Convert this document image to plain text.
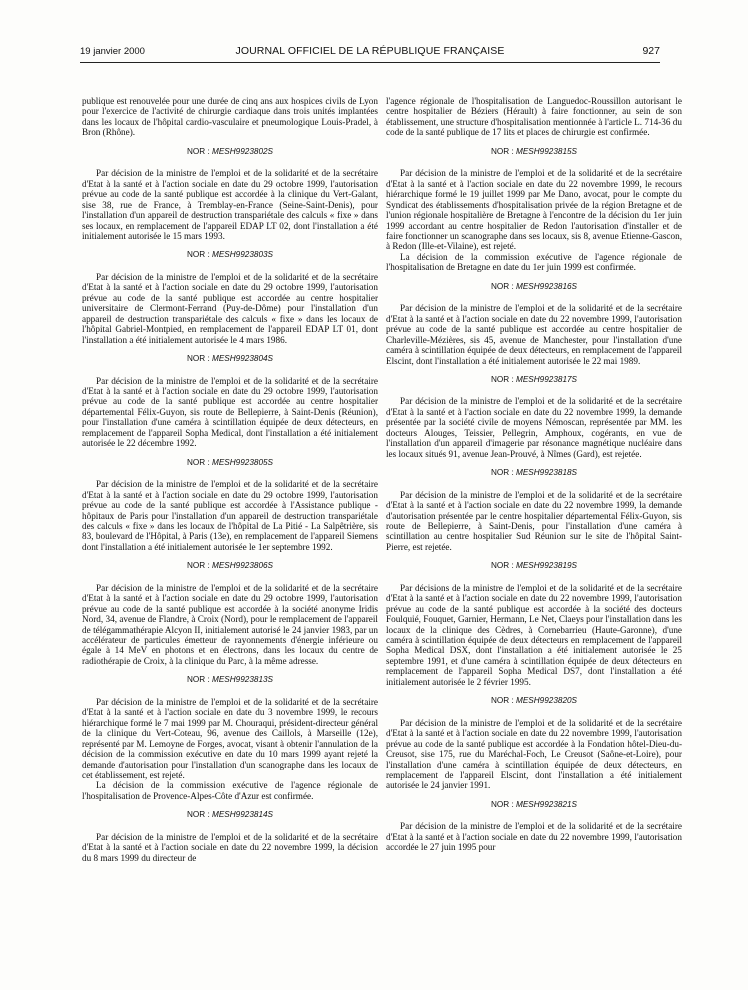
19 janvier 2000	JOURNAL OFFICIEL DE LA RÉPUBLIQUE FRANÇAISE	927

publique est renouvelée pour une durée de cinq ans aux hospices civils de Lyon pour l'exercice de l'activité de chirurgie cardiaque dans trois unités implantées dans les locaux de l'hôpital cardio-vasculaire et pneumologique Louis-Pradel, à Bron (Rhône).

NOR : MESH9923802S

Par décision de la ministre de l'emploi et de la solidarité et de la secrétaire d'Etat à la santé et à l'action sociale en date du 29 octobre 1999, l'autorisation prévue au code de la santé publique est accordée à la clinique du Vert-Galant, sise 38, rue de France, à Tremblay-en-France (Seine-Saint-Denis), pour l'installation d'un appareil de destruction transpariétale des calculs « fixe » dans ses locaux, en remplacement de l'appareil EDAP LT 02, dont l'installation a été initialement autorisée le 15 mars 1993.

NOR : MESH9923803S

Par décision de la ministre de l'emploi et de la solidarité et de la secrétaire d'Etat à la santé et à l'action sociale en date du 29 octobre 1999, l'autorisation prévue au code de la santé publique est accordée au centre hospitalier universitaire de Clermont-Ferrand (Puy-de-Dôme) pour l'installation d'un appareil de destruction transpariétale des calculs « fixe » dans les locaux de l'hôpital Gabriel-Montpied, en remplacement de l'appareil EDAP LT 01, dont l'installation a été initialement autorisée le 4 mars 1986.

NOR : MESH9923804S

Par décision de la ministre de l'emploi et de la solidarité et de la secrétaire d'Etat à la santé et à l'action sociale en date du 29 octobre 1999, l'autorisation prévue au code de la santé publique est accordée au centre hospitalier départemental Félix-Guyon, sis route de Bellepierre, à Saint-Denis (Réunion), pour l'installation d'une caméra à scintillation équipée de deux détecteurs, en remplacement de l'appareil Sopha Medical, dont l'installation a été initialement autorisée le 22 décembre 1992.

NOR : MESH9923805S

Par décision de la ministre de l'emploi et de la solidarité et de la secrétaire d'Etat à la santé et à l'action sociale en date du 29 octobre 1999, l'autorisation prévue au code de la santé publique est accordée à l'Assistance publique - hôpitaux de Paris pour l'installation d'un appareil de destruction transpariétale des calculs « fixe » dans les locaux de l'hôpital de La Pitié - La Salpêtrière, sis 83, boulevard de l'Hôpital, à Paris (13e), en remplacement de l'appareil Siemens dont l'installation a été initialement autorisée le 1er septembre 1992.

NOR : MESH9923806S

Par décision de la ministre de l'emploi et de la solidarité et de la secrétaire d'Etat à la santé et à l'action sociale en date du 29 octobre 1999, l'autorisation prévue au code de la santé publique est accordée à la société anonyme Iridis Nord, 34, avenue de Flandre, à Croix (Nord), pour le remplacement de l'appareil de télégammathérapie Alcyon II, initialement autorisé le 24 janvier 1983, par un accélérateur de particules émetteur de rayonnements d'énergie inférieure ou égale à 14 MeV en photons et en électrons, dans les locaux du centre de radiothérapie de Croix, à la clinique du Parc, à la même adresse.

NOR : MESH9923813S

Par décision de la ministre de l'emploi et de la solidarité et de la secrétaire d'Etat à la santé et à l'action sociale en date du 3 novembre 1999, le recours hiérarchique formé le 7 mai 1999 par M. Chouraqui, président-directeur général de la clinique du Vert-Coteau, 96, avenue des Caillols, à Marseille (12e), représenté par M. Lemoyne de Forges, avocat, visant à obtenir l'annulation de la décision de la commission exécutive en date du 10 mars 1999 ayant rejeté la demande d'autorisation pour l'installation d'un scanographe dans les locaux de cet établissement, est rejeté.

La décision de la commission exécutive de l'agence régionale de l'hospitalisation de Provence-Alpes-Côte d'Azur est confirmée.

NOR : MESH9923814S

Par décision de la ministre de l'emploi et de la solidarité et de la secrétaire d'Etat à la santé et à l'action sociale en date du 22 novembre 1999, la décision du 8 mars 1999 du directeur de

l'agence régionale de l'hospitalisation de Languedoc-Roussillon autorisant le centre hospitalier de Béziers (Hérault) à faire fonctionner, au sein de son établissement, une structure d'hospitalisation mentionnée à l'article L. 714-36 du code de la santé publique de 17 lits et places de chirurgie est confirmée.

NOR : MESH9923815S

Par décision de la ministre de l'emploi et de la solidarité et de la secrétaire d'Etat à la santé et à l'action sociale en date du 22 novembre 1999, le recours hiérarchique formé le 19 juillet 1999 par Me Dano, avocat, pour le compte du Syndicat des établissements d'hospitalisation privée de la région Bretagne et de l'union régionale hospitalière de Bretagne à l'encontre de la décision du 1er juin 1999 accordant au centre hospitalier de Redon l'autorisation d'installer et de faire fonctionner un scanographe dans ses locaux, sis 8, avenue Etienne-Gascon, à Redon (Ille-et-Vilaine), est rejeté.

La décision de la commission exécutive de l'agence régionale de l'hospitalisation de Bretagne en date du 1er juin 1999 est confirmée.

NOR : MESH9923816S

Par décision de la ministre de l'emploi et de la solidarité et de la secrétaire d'Etat à la santé et à l'action sociale en date du 22 novembre 1999, l'autorisation prévue au code de la santé publique est accordée au centre hospitalier de Charleville-Mézières, sis 45, avenue de Manchester, pour l'installation d'une caméra à scintillation équipée de deux détecteurs, en remplacement de l'appareil Elscint, dont l'installation a été initialement autorisée le 22 mai 1989.

NOR : MESH9923817S

Par décision de la ministre de l'emploi et de la solidarité et de la secrétaire d'Etat à la santé et à l'action sociale en date du 22 novembre 1999, la demande présentée par la société civile de moyens Némoscan, représentée par MM. les docteurs Alouges, Teissier, Pellegrin, Amphoux, cogérants, en vue de l'installation d'un appareil d'imagerie par résonance magnétique nucléaire dans les locaux situés 91, avenue Jean-Prouvé, à Nîmes (Gard), est rejetée.

NOR : MESH9923818S

Par décision de la ministre de l'emploi et de la solidarité et de la secrétaire d'Etat à la santé et à l'action sociale en date du 22 novembre 1999, la demande d'autorisation présentée par le centre hospitalier départemental Félix-Guyon, sis route de Bellepierre, à Saint-Denis, pour l'installation d'une caméra à scintillation au centre hospitalier Sud Réunion sur le site de l'hôpital Saint-Pierre, est rejetée.

NOR : MESH9923819S

Par décisions de la ministre de l'emploi et de la solidarité et de la secrétaire d'Etat à la santé et à l'action sociale en date du 22 novembre 1999, l'autorisation prévue au code de la santé publique est accordée à la société des docteurs Foulquié, Fouquet, Garnier, Hermann, Le Net, Claeys pour l'installation dans les locaux de la clinique des Cèdres, à Cornebarrieu (Haute-Garonne), d'une caméra à scintillation équipée de deux détecteurs en remplacement de l'appareil Sopha Medical DSX, dont l'installation a été initialement autorisée le 25 septembre 1991, et d'une caméra à scintillation équipée de deux détecteurs en remplacement de l'appareil Sopha Medical DS7, dont l'installation a été initialement autorisée le 2 février 1995.

NOR : MESH9923820S

Par décision de la ministre de l'emploi et de la solidarité et de la secrétaire d'Etat à la santé et à l'action sociale en date du 22 novembre 1999, l'autorisation prévue au code de la santé publique est accordée à la Fondation hôtel-Dieu-du-Creusot, sise 175, rue du Maréchal-Foch, Le Creusot (Saône-et-Loire), pour l'installation d'une caméra à scintillation équipée de deux détecteurs, en remplacement de l'appareil Elscint, dont l'installation a été initialement autorisée le 24 janvier 1991.

NOR : MESH9923821S

Par décision de la ministre de l'emploi et de la solidarité et de la secrétaire d'Etat à la santé et à l'action sociale en date du 22 novembre 1999, l'autorisation accordée le 27 juin 1995 pour
